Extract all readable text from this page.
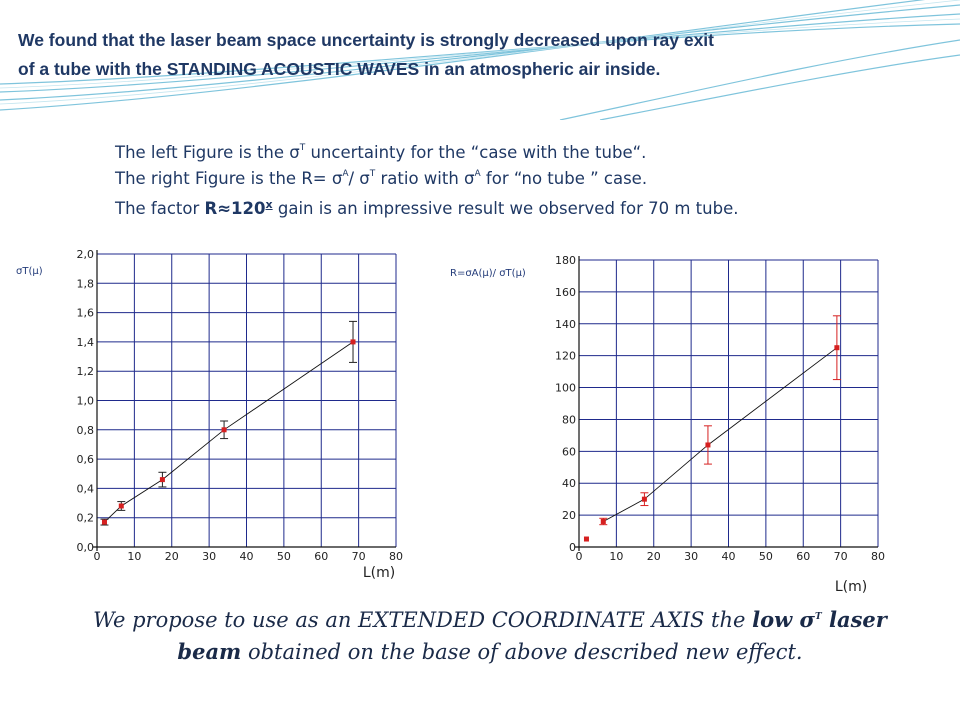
We found that the laser beam space uncertainty is strongly decreased upon ray exit
of a tube with the STANDING ACOUSTIC WAVES in an atmospheric air inside.

The left Figure is the $\sigma^T$ uncertainty for the “case with the tube“.

The right Figure is the $R= \sigma^A/$ $\sigma^T$ ratio with $\sigma^A$ for “no tube ” case.

The factor $R\approx 120^x$ gain is an impressive result we observed for 70 m tube.

0 10 20 30 40 50 60 70 80
0,0
0,2
0,4
0,6
0,8
1,0
1,2
1,4
1,6
1,8
2,0
L(m)
0 10 20 30 40 50 60 70 80
0
20
40
60
80
100
120
140
160
180
L(m)
σT(μ)	R=σA(μ)/ σT(μ)

We propose to use as an EXTENDED COORDINATE AXIS the low $\sigma^T$ laser

beam obtained on the base of above described new effect.
